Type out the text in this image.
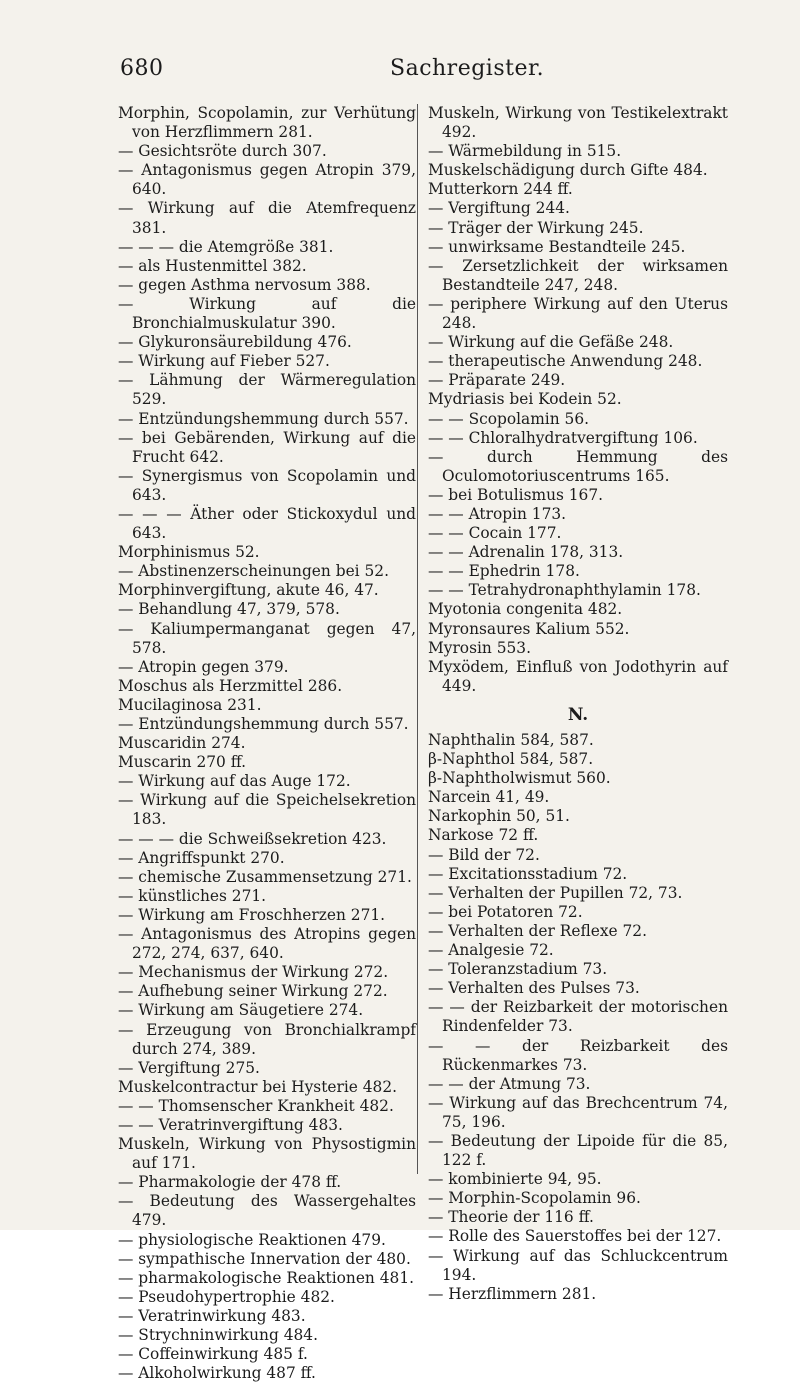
680	Sachregister.
Morphin, Scopolamin, zur Verhütung von Herzflimmern 281.
— Gesichtsröte durch 307.
— Antagonismus gegen Atropin 379, 640.
— Wirkung auf die Atemfrequenz 381.
— — — die Atemgröße 381.
— als Hustenmittel 382.
— gegen Asthma nervosum 388.
— Wirkung auf die Bronchialmuskulatur 390.
— Glykuronsäurebildung 476.
— Wirkung auf Fieber 527.
— Lähmung der Wärmeregulation 529.
— Entzündungshemmung durch 557.
— bei Gebärenden, Wirkung auf die Frucht 642.
— Synergismus von Scopolamin und 643.
— — — Äther oder Stickoxydul und 643.
Morphinismus 52.
— Abstinenzerscheinungen bei 52.
Morphinvergiftung, akute 46, 47.
— Behandlung 47, 379, 578.
— Kaliumpermanganat gegen 47, 578.
— Atropin gegen 379.
Moschus als Herzmittel 286.
Mucilaginosa 231.
— Entzündungshemmung durch 557.
Muscaridin 274.
Muscarin 270 ff.
— Wirkung auf das Auge 172.
— Wirkung auf die Speichelsekretion 183.
— — — die Schweißsekretion 423.
— Angriffspunkt 270.
— chemische Zusammensetzung 271.
— künstliches 271.
— Wirkung am Froschherzen 271.
— Antagonismus des Atropins gegen 272, 274, 637, 640.
— Mechanismus der Wirkung 272.
— Aufhebung seiner Wirkung 272.
— Wirkung am Säugetiere 274.
— Erzeugung von Bronchialkrampf durch 274, 389.
— Vergiftung 275.
Muskelcontractur bei Hysterie 482.
— — Thomsenscher Krankheit 482.
— — Veratrinvergiftung 483.
Muskeln, Wirkung von Physostigmin auf 171.
— Pharmakologie der 478 ff.
— Bedeutung des Wassergehaltes 479.
— physiologische Reaktionen 479.
— sympathische Innervation der 480.
— pharmakologische Reaktionen 481.
— Pseudohypertrophie 482.
— Veratrinwirkung 483.
— Strychninwirkung 484.
— Coffeinwirkung 485 f.
— Alkoholwirkung 487 ff.
Muskeln, Wirkung von Testikelextrakt 492.
— Wärmebildung in 515.
Muskelschädigung durch Gifte 484.
Mutterkorn 244 ff.
— Vergiftung 244.
— Träger der Wirkung 245.
— unwirksame Bestandteile 245.
— Zersetzlichkeit der wirksamen Bestandteile 247, 248.
— periphere Wirkung auf den Uterus 248.
— Wirkung auf die Gefäße 248.
— therapeutische Anwendung 248.
— Präparate 249.
Mydriasis bei Kodein 52.
— — Scopolamin 56.
— — Chloralhydratvergiftung 106.
— durch Hemmung des Oculomotoriuscentrums 165.
— bei Botulismus 167.
— — Atropin 173.
— — Cocain 177.
— — Adrenalin 178, 313.
— — Ephedrin 178.
— — Tetrahydronaphthylamin 178.
Myotonia congenita 482.
Myronsaures Kalium 552.
Myrosin 553.
Myxödem, Einfluß von Jodothyrin auf 449.
N.
Naphthalin 584, 587.
β-Naphthol 584, 587.
β-Naphtholwismut 560.
Narcein 41, 49.
Narkophin 50, 51.
Narkose 72 ff.
— Bild der 72.
— Excitationsstadium 72.
— Verhalten der Pupillen 72, 73.
— bei Potatoren 72.
— Verhalten der Reflexe 72.
— Analgesie 72.
— Toleranzstadium 73.
— Verhalten des Pulses 73.
— — der Reizbarkeit der motorischen Rindenfelder 73.
— — der Reizbarkeit des Rückenmarkes 73.
— — der Atmung 73.
— Wirkung auf das Brechcentrum 74, 75, 196.
— Bedeutung der Lipoide für die 85, 122 f.
— kombinierte 94, 95.
— Morphin-Scopolamin 96.
— Theorie der 116 ff.
— Rolle des Sauerstoffes bei der 127.
— Wirkung auf das Schluckcentrum 194.
— Herzflimmern 281.
